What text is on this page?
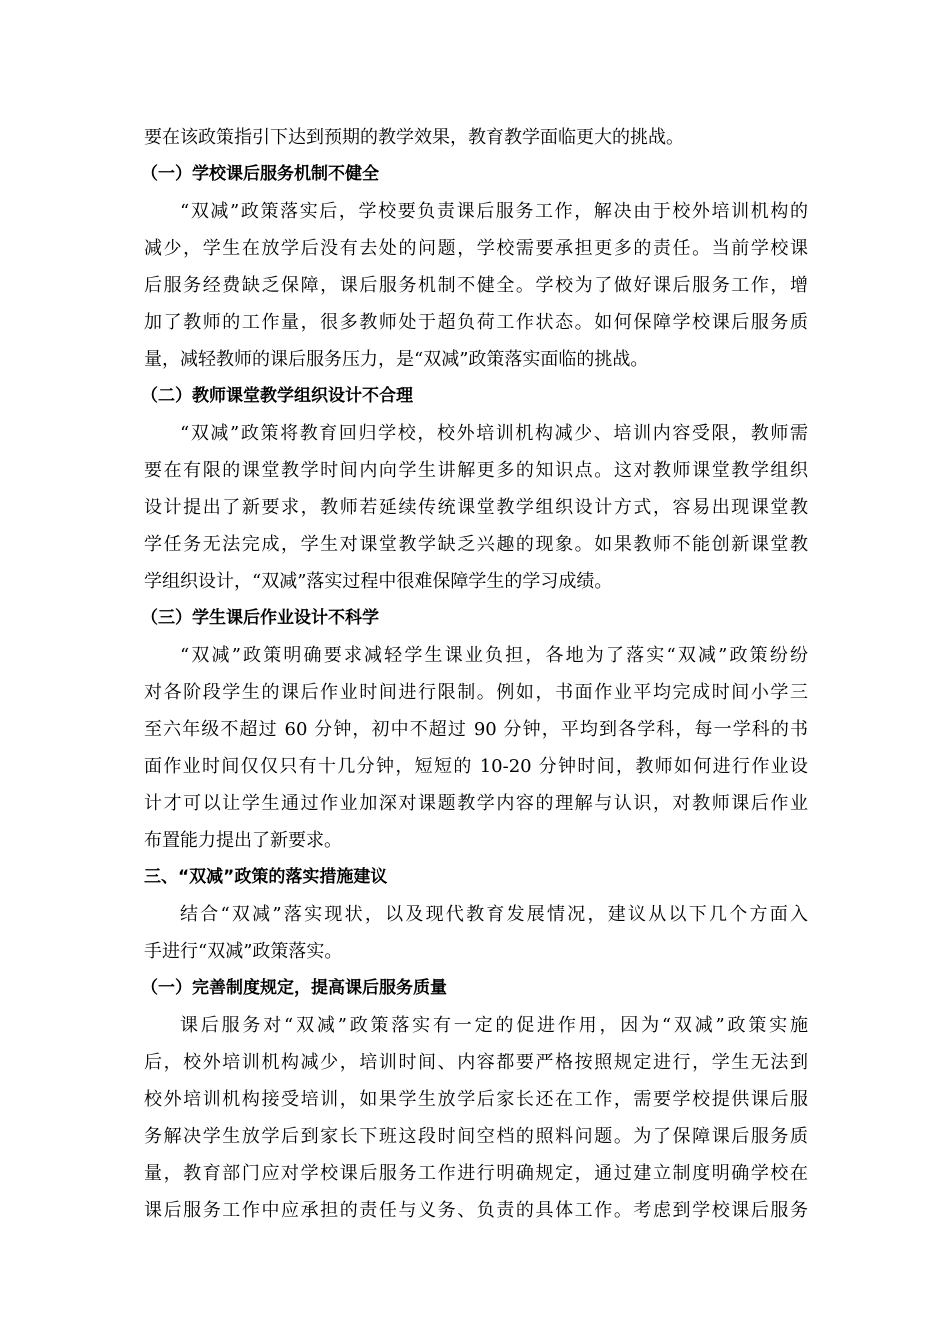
要在该政策指引下达到预期的教学效果，教育教学面临更大的挑战。
（一）学校课后服务机制不健全
“双减”政策落实后，学校要负责课后服务工作，解决由于校外培训机构的
减少，学生在放学后没有去处的问题，学校需要承担更多的责任。当前学校课
后服务经费缺乏保障，课后服务机制不健全。学校为了做好课后服务工作，增
加了教师的工作量，很多教师处于超负荷工作状态。如何保障学校课后服务质
量，减轻教师的课后服务压力，是“双减”政策落实面临的挑战。
（二）教师课堂教学组织设计不合理
“双减”政策将教育回归学校，校外培训机构减少、培训内容受限，教师需
要在有限的课堂教学时间内向学生讲解更多的知识点。这对教师课堂教学组织
设计提出了新要求，教师若延续传统课堂教学组织设计方式，容易出现课堂教
学任务无法完成，学生对课堂教学缺乏兴趣的现象。如果教师不能创新课堂教
学组织设计，“双减”落实过程中很难保障学生的学习成绩。
（三）学生课后作业设计不科学
“双减”政策明确要求减轻学生课业负担，各地为了落实“双减”政策纷纷
对各阶段学生的课后作业时间进行限制。例如，书面作业平均完成时间小学三
至六年级不超过 60 分钟，初中不超过 90 分钟，平均到各学科，每一学科的书
面作业时间仅仅只有十几分钟，短短的 10-20 分钟时间，教师如何进行作业设
计才可以让学生通过作业加深对课题教学内容的理解与认识，对教师课后作业
布置能力提出了新要求。
三、“双减”政策的落实措施建议
结合“双减”落实现状，以及现代教育发展情况，建议从以下几个方面入
手进行“双减”政策落实。
（一）完善制度规定，提高课后服务质量
课后服务对“双减”政策落实有一定的促进作用，因为“双减”政策实施
后，校外培训机构减少，培训时间、内容都要严格按照规定进行，学生无法到
校外培训机构接受培训，如果学生放学后家长还在工作，需要学校提供课后服
务解决学生放学后到家长下班这段时间空档的照料问题。为了保障课后服务质
量，教育部门应对学校课后服务工作进行明确规定，通过建立制度明确学校在
课后服务工作中应承担的责任与义务、负责的具体工作。考虑到学校课后服务
